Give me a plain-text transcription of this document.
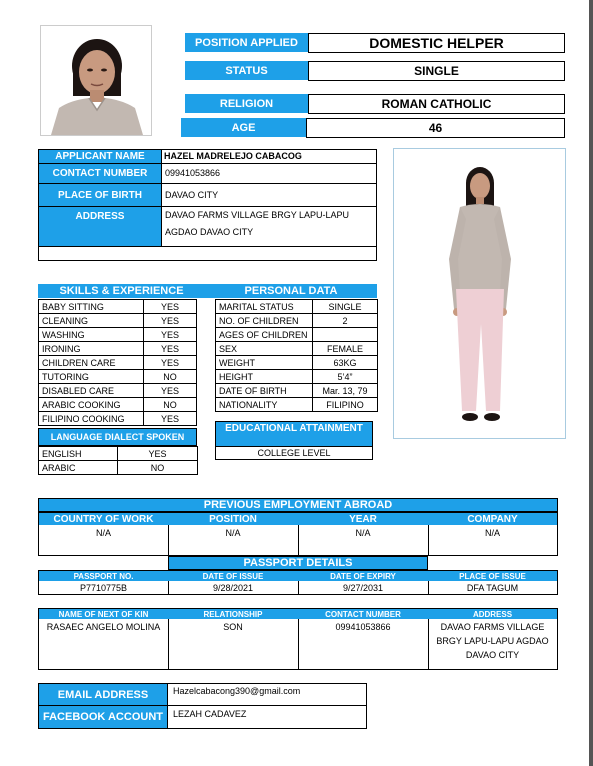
POSITION APPLIED	DOMESTIC HELPER
STATUS	SINGLE
RELIGION	ROMAN CATHOLIC
AGE	46
APPLICANT NAME	HAZEL MADRELEJO CABACOG
CONTACT NUMBER	09941053866
PLACE OF BIRTH	DAVAO CITY
ADDRESS	DAVAO FARMS VILLAGE BRGY LAPU-LAPU
AGDAO DAVAO CITY
SKILLS & EXPERIENCE
BABY SITTING	YES
CLEANING	YES
WASHING	YES
IRONING	YES
CHILDREN CARE	YES
TUTORING	NO
DISABLED CARE	YES
ARABIC COOKING	NO
FILIPINO COOKING	YES
PERSONAL DATA
MARITAL STATUS	SINGLE
NO. OF CHILDREN	2
AGES OF CHILDREN	
SEX	FEMALE
WEIGHT	63KG
HEIGHT	5’4”
DATE OF BIRTH	Mar. 13, 79
NATIONALITY	FILIPINO
LANGUAGE DIALECT SPOKEN
ENGLISH	YES
ARABIC	NO
EDUCATIONAL ATTAINMENT
COLLEGE LEVEL
PREVIOUS EMPLOYMENT ABROAD
COUNTRY OF WORK	POSITION	YEAR	COMPANY
N/A	N/A	N/A	N/A
PASSPORT DETAILS
PASSPORT NO.	DATE OF ISSUE	DATE OF EXPIRY	PLACE OF ISSUE
P7710775B	9/28/2021	9/27/2031	DFA TAGUM
NAME OF NEXT OF KIN	RELATIONSHIP	CONTACT NUMBER	ADDRESS
RASAEC ANGELO MOLINA	SON	09941053866	DAVAO FARMS VILLAGE
BRGY LAPU-LAPU AGDAO
DAVAO CITY
EMAIL ADDRESS	Hazelcabacong390@gmail.com
FACEBOOK ACCOUNT	LEZAH CADAVEZ
